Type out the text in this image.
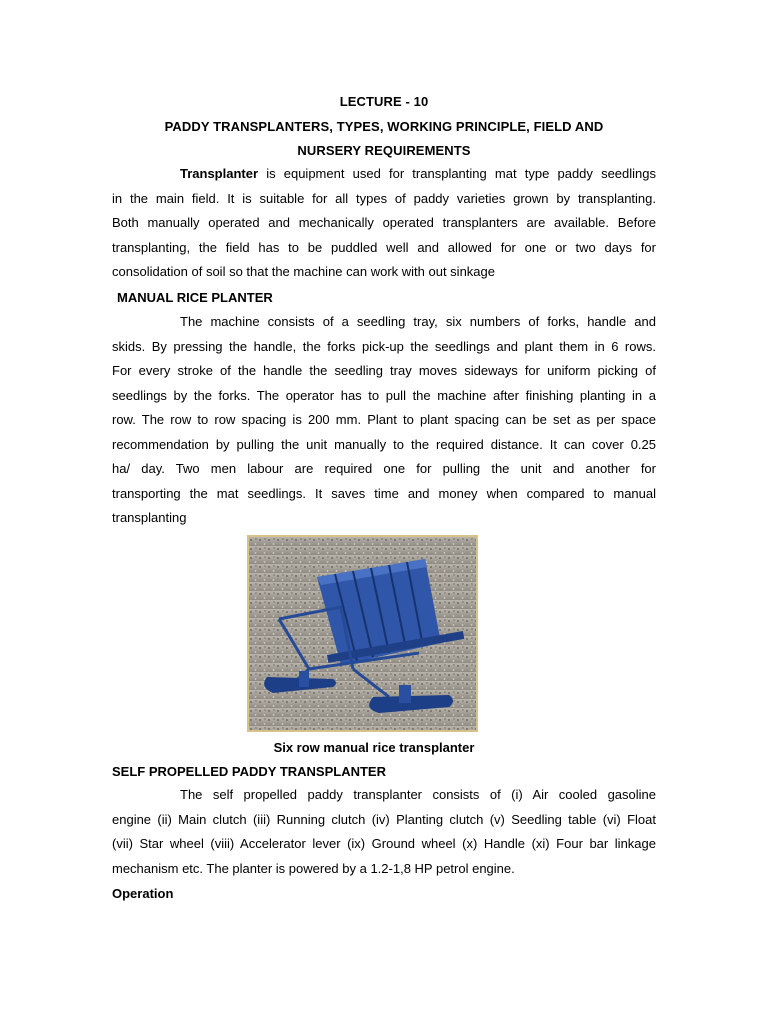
LECTURE - 10
PADDY TRANSPLANTERS, TYPES, WORKING PRINCIPLE, FIELD AND
NURSERY REQUIREMENTS
Transplanter is equipment used for transplanting mat type paddy seedlings
in the main field. It is suitable for all types of paddy varieties grown by transplanting.
Both manually operated and mechanically operated transplanters are available. Before
transplanting, the field has to be puddled well and allowed for one or two days for
consolidation of soil so that the machine can work with out sinkage
MANUAL RICE PLANTER
The machine consists of a seedling tray, six numbers of forks, handle and
skids. By pressing the handle, the forks pick-up the seedlings and plant them in 6 rows.
For every stroke of the handle the seedling tray moves sideways for uniform picking of
seedlings by the forks. The operator has to pull the machine after finishing planting in a
row. The row to row spacing is 200 mm. Plant to plant spacing can be set as per space
recommendation by pulling the unit manually to the required distance. It can cover 0.25
ha/ day. Two men labour are required one for pulling the unit and another for
transporting the mat seedlings. It saves time and money when compared to manual
transplanting
Six row manual rice transplanter
SELF PROPELLED PADDY TRANSPLANTER
The self propelled paddy transplanter consists of (i) Air cooled gasoline
engine (ii) Main clutch (iii) Running clutch (iv) Planting clutch (v) Seedling table (vi) Float
(vii) Star wheel (viii) Accelerator lever (ix) Ground wheel (x) Handle (xi) Four bar linkage
mechanism etc. The planter is powered by a 1.2-1,8 HP petrol engine.
Operation
